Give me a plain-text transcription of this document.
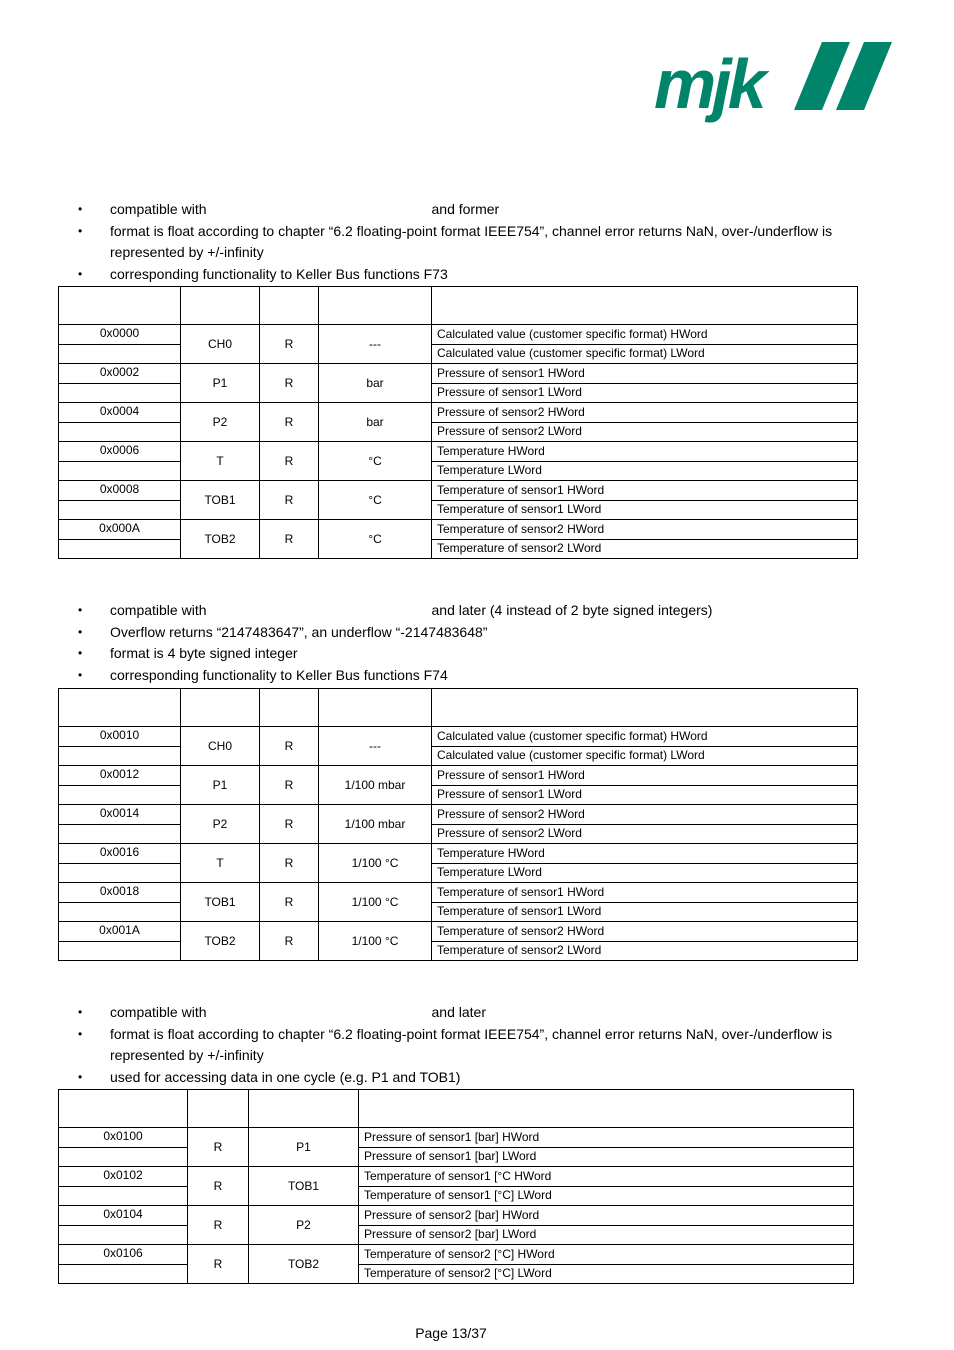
mjk
• compatible with	and former
• format is float according to chapter “6.2 floating-point format IEEE754”, channel error returns NaN, over-/underflow is represented by +/-infinity
• corresponding functionality to Keller Bus functions F73

0x0000	CH0	R	---	Calculated value (customer specific format) HWord
				Calculated value (customer specific format) LWord
0x0002	P1	R	bar	Pressure of sensor1 HWord
				Pressure of sensor1 LWord
0x0004	P2	R	bar	Pressure of sensor2 HWord
				Pressure of sensor2 LWord
0x0006	T	R	°C	Temperature HWord
				Temperature LWord
0x0008	TOB1	R	°C	Temperature of sensor1 HWord
				Temperature of sensor1 LWord
0x000A	TOB2	R	°C	Temperature of sensor2 HWord
				Temperature of sensor2 LWord
• compatible with	and later (4 instead of 2 byte signed integers)
• Overflow returns “2147483647”, an underflow “-2147483648”
• format is 4 byte signed integer
• corresponding functionality to Keller Bus functions F74

0x0010	CH0	R	---	Calculated value (customer specific format) HWord
				Calculated value (customer specific format) LWord
0x0012	P1	R	1/100 mbar	Pressure of sensor1 HWord
				Pressure of sensor1 LWord
0x0014	P2	R	1/100 mbar	Pressure of sensor2 HWord
				Pressure of sensor2 LWord
0x0016	T	R	1/100 °C	Temperature HWord
				Temperature LWord
0x0018	TOB1	R	1/100 °C	Temperature of sensor1 HWord
				Temperature of sensor1 LWord
0x001A	TOB2	R	1/100 °C	Temperature of sensor2 HWord
				Temperature of sensor2 LWord
• compatible with	and later
• format is float according to chapter “6.2 floating-point format IEEE754”, channel error returns NaN, over-/underflow is represented by +/-infinity
• used for accessing data in one cycle (e.g. P1 and TOB1)

0x0100	R	P1	Pressure of sensor1 [bar] HWord
			Pressure of sensor1 [bar] LWord
0x0102	R	TOB1	Temperature of sensor1 [°C HWord
			Temperature of sensor1 [°C] LWord
0x0104	R	P2	Pressure of sensor2 [bar] HWord
			Pressure of sensor2 [bar] LWord
0x0106	R	TOB2	Temperature of sensor2 [°C] HWord
			Temperature of sensor2 [°C] LWord
Page 13/37
